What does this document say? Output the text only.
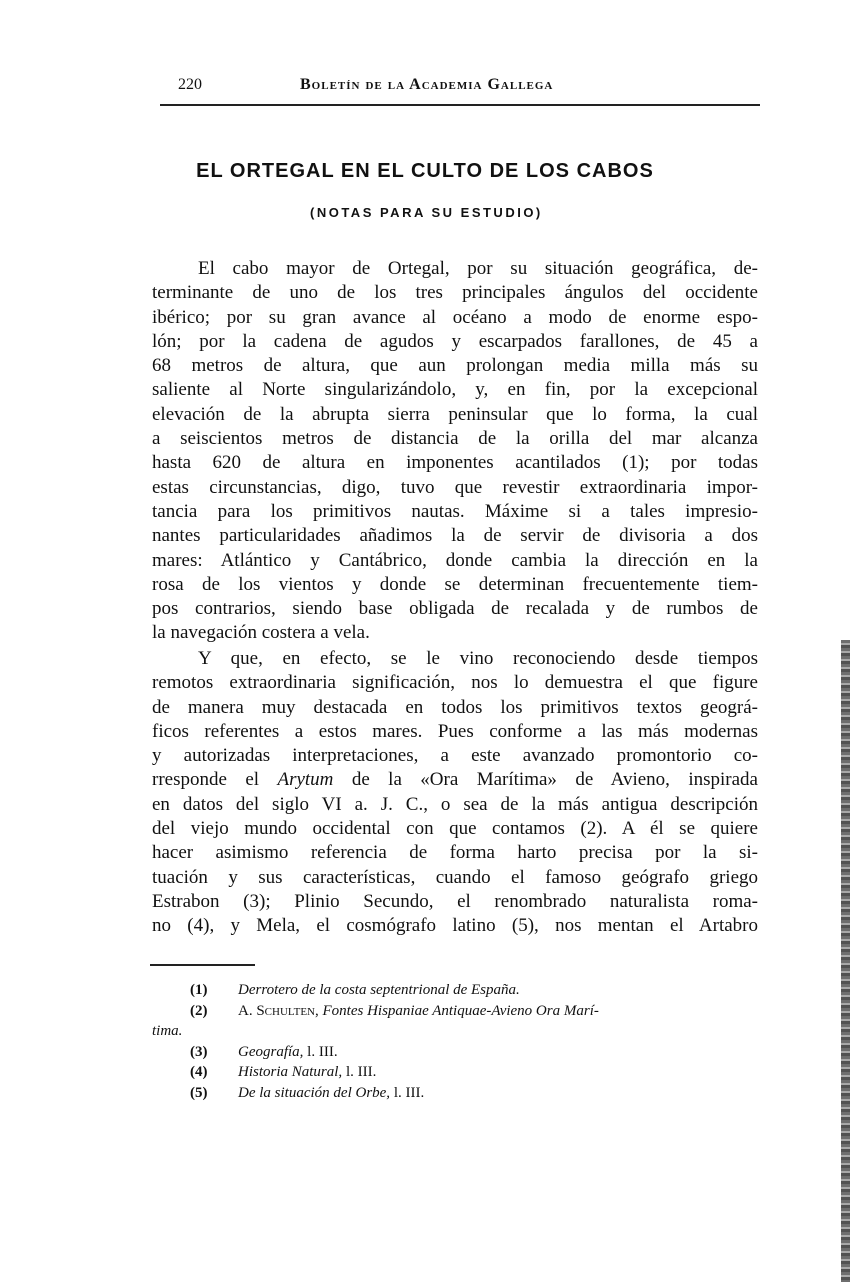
220	Boletín de la Academia Gallega
EL ORTEGAL EN EL CULTO DE LOS CABOS
(NOTAS PARA SU ESTUDIO)
El cabo mayor de Ortegal, por su situación geográfica, de-
terminante de uno de los tres principales ángulos del occidente
ibérico; por su gran avance al océano a modo de enorme espo-
lón; por la cadena de agudos y escarpados farallones, de 45 a
68 metros de altura, que aun prolongan media milla más su
saliente al Norte singularizándolo, y, en fin, por la excepcional
elevación de la abrupta sierra peninsular que lo forma, la cual
a seiscientos metros de distancia de la orilla del mar alcanza
hasta 620 de altura en imponentes acantilados (1); por todas
estas circunstancias, digo, tuvo que revestir extraordinaria impor-
tancia para los primitivos nautas. Máxime si a tales impresio-
nantes particularidades añadimos la de servir de divisoria a dos
mares: Atlántico y Cantábrico, donde cambia la dirección en la
rosa de los vientos y donde se determinan frecuentemente tiem-
pos contrarios, siendo base obligada de recalada y de rumbos de
la navegación costera a vela.
Y que, en efecto, se le vino reconociendo desde tiempos
remotos extraordinaria significación, nos lo demuestra el que figure
de manera muy destacada en todos los primitivos textos geográ-
ficos referentes a estos mares. Pues conforme a las más modernas
y autorizadas interpretaciones, a este avanzado promontorio co-
rresponde el Arytum de la «Ora Marítima» de Avieno, inspirada
en datos del siglo VI a. J. C., o sea de la más antigua descripción
del viejo mundo occidental con que contamos (2). A él se quiere
hacer asimismo referencia de forma harto precisa por la si-
tuación y sus características, cuando el famoso geógrafo griego
Estrabon (3); Plinio Secundo, el renombrado naturalista roma-
no (4), y Mela, el cosmógrafo latino (5), nos mentan el Artabro
(1) Derrotero de la costa septentrional de España.
(2) A. Schulten, Fontes Hispaniae Antiquae-Avieno Ora Marí-
tima.
(3) Geografía, l. III.
(4) Historia Natural, l. III.
(5) De la situación del Orbe, l. III.
